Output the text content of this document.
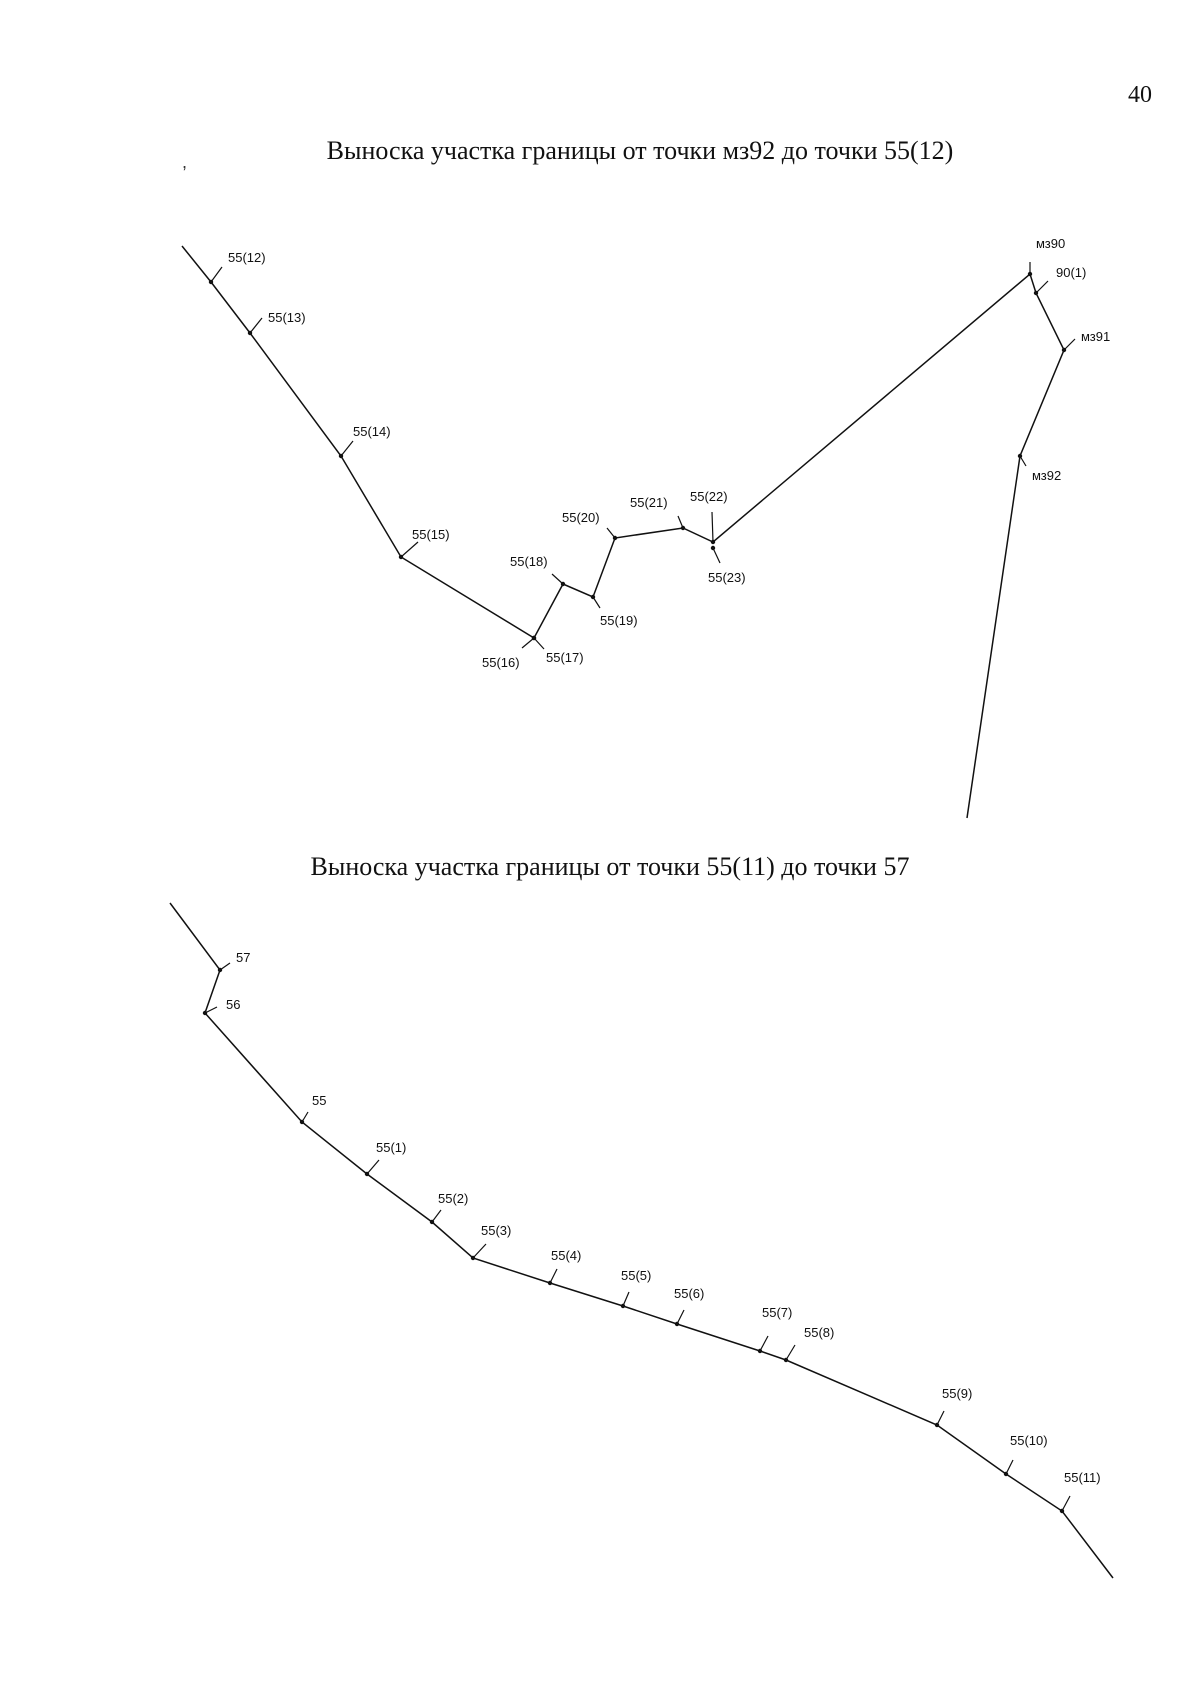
40
Выноска участка границы от точки мз92 до точки 55(12)
Выноска участка границы от точки 55(11) до точки 57
,
55(12)
55(13)
55(14)
55(15)
55(16) 55(17)
55(18)
55(19)
55(20)
55(21) 55(22)
55(23)
мз90
90(1)
мз91
мз92
57
56
55
55(1)
55(2)
55(3)
55(4)
55(5)
55(6)
55(7)
55(8)
55(9)
55(10)
55(11)
